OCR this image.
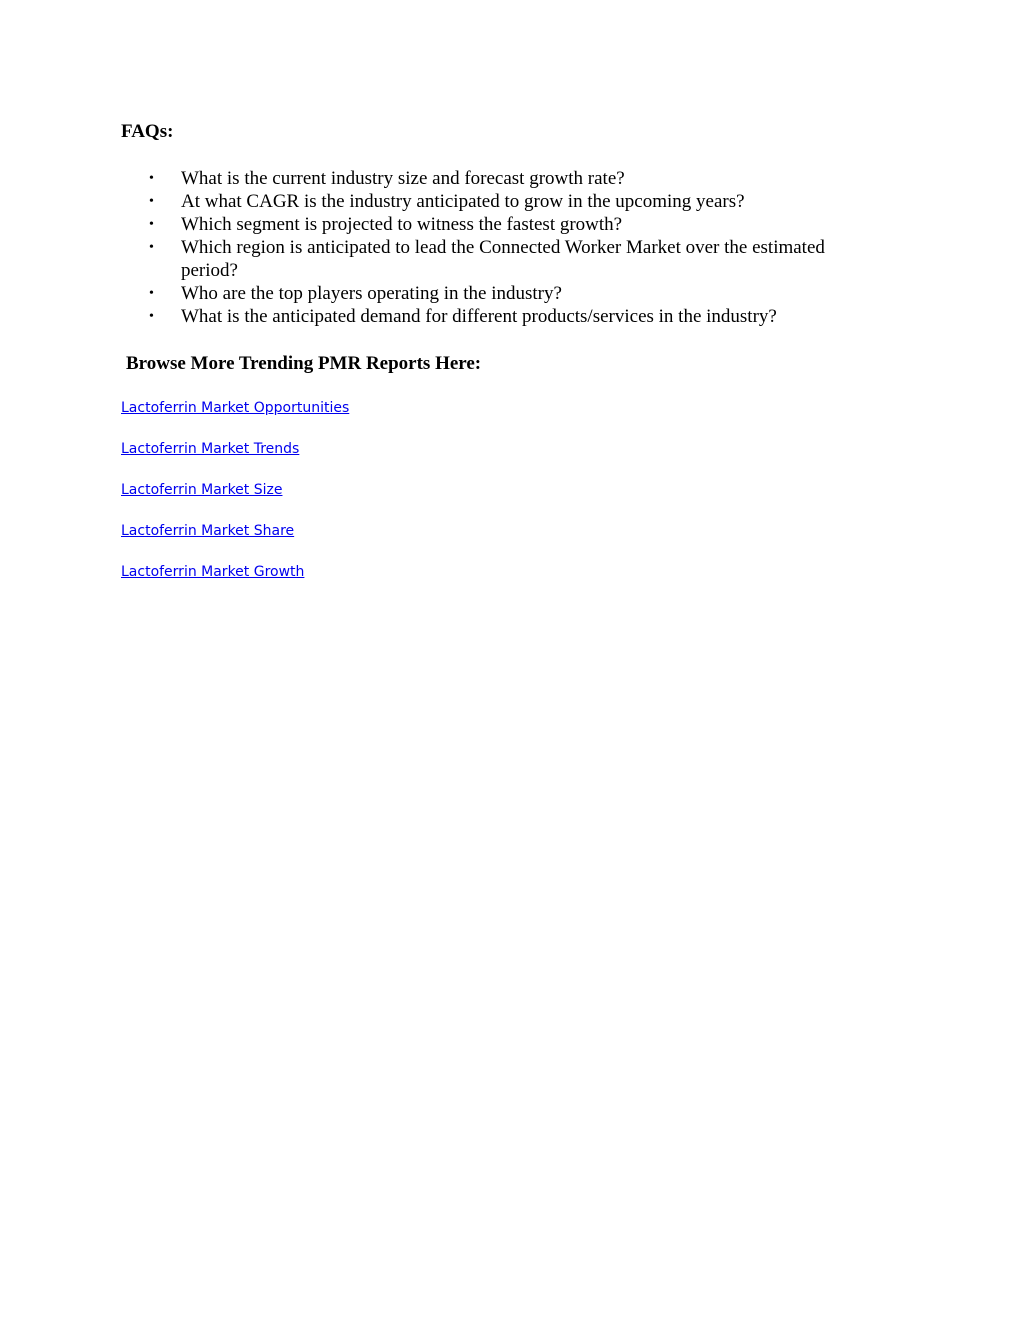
FAQs:
• What is the current industry size and forecast growth rate?
• At what CAGR is the industry anticipated to grow in the upcoming years?
• Which segment is projected to witness the fastest growth?
• Which region is anticipated to lead the Connected Worker Market over the estimated period?
• Who are the top players operating in the industry?
• What is the anticipated demand for different products/services in the industry?
Browse More Trending PMR Reports Here:
Lactoferrin Market Opportunities
Lactoferrin Market Trends
Lactoferrin Market Size
Lactoferrin Market Share
Lactoferrin Market Growth
